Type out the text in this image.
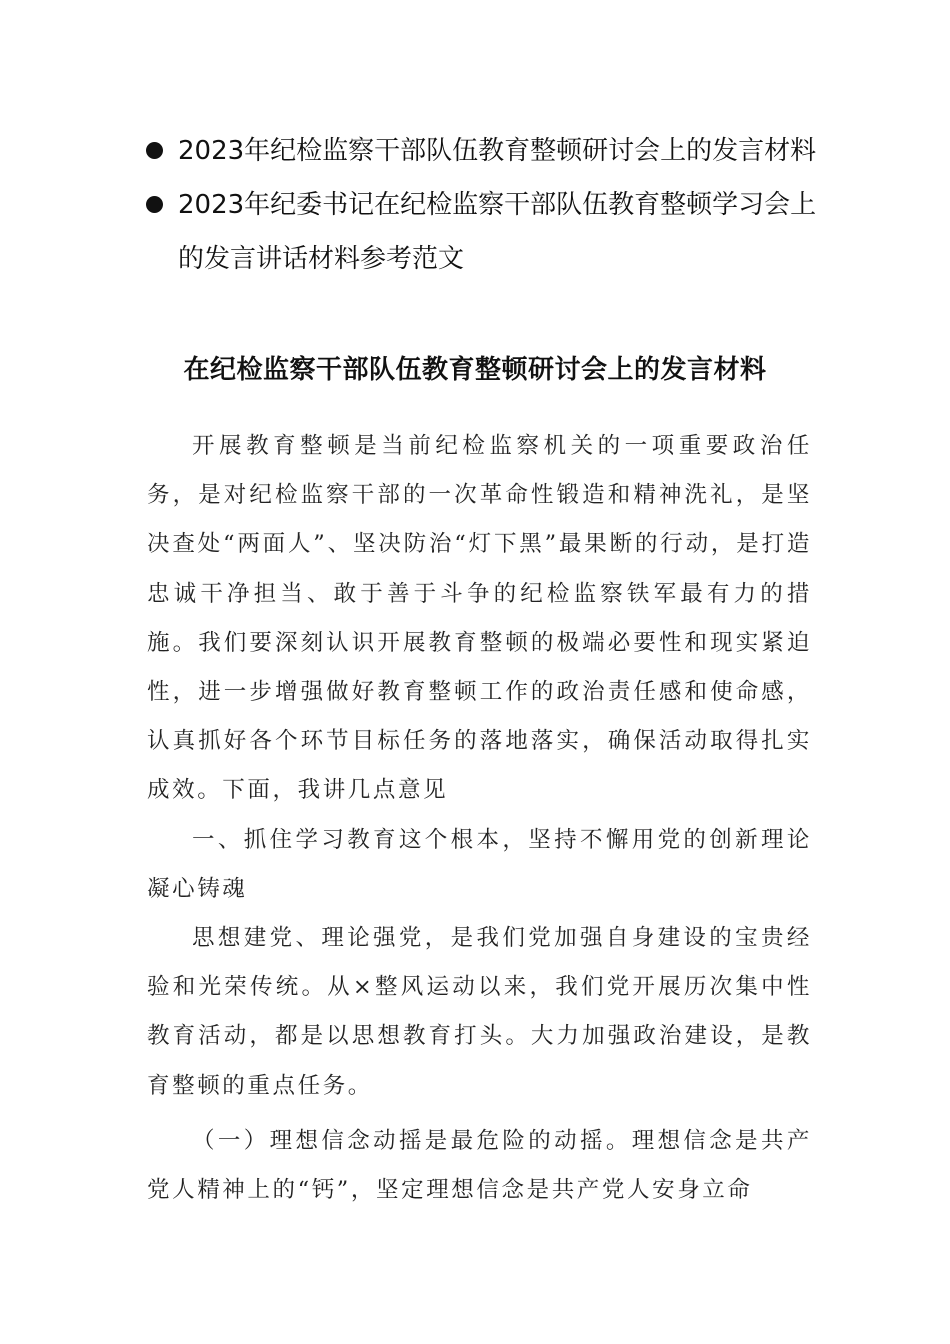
2023年纪检监察干部队伍教育整顿研讨会上的发言材料
2023年纪委书记在纪检监察干部队伍教育整顿学习会上的发言讲话材料参考范文
在纪检监察干部队伍教育整顿研讨会上的发言材料

开展教育整顿是当前纪检监察机关的一项重要政治任务，是对纪检监察干部的一次革命性锻造和精神洗礼，是坚决查处“两面人”、坚决防治“灯下黑”最果断的行动，是打造忠诚干净担当、敢于善于斗争的纪检监察铁军最有力的措施。我们要深刻认识开展教育整顿的极端必要性和现实紧迫性，进一步增强做好教育整顿工作的政治责任感和使命感，认真抓好各个环节目标任务的落地落实，确保活动取得扎实成效。下面，我讲几点意见

一、抓住学习教育这个根本，坚持不懈用党的创新理论凝心铸魂

思想建党、理论强党，是我们党加强自身建设的宝贵经验和光荣传统。从×整风运动以来，我们党开展历次集中性教育活动，都是以思想教育打头。大力加强政治建设，是教育整顿的重点任务。

（一）理想信念动摇是最危险的动摇。理想信念是共产党人精神上的“钙”，坚定理想信念是共产党人安身立命
